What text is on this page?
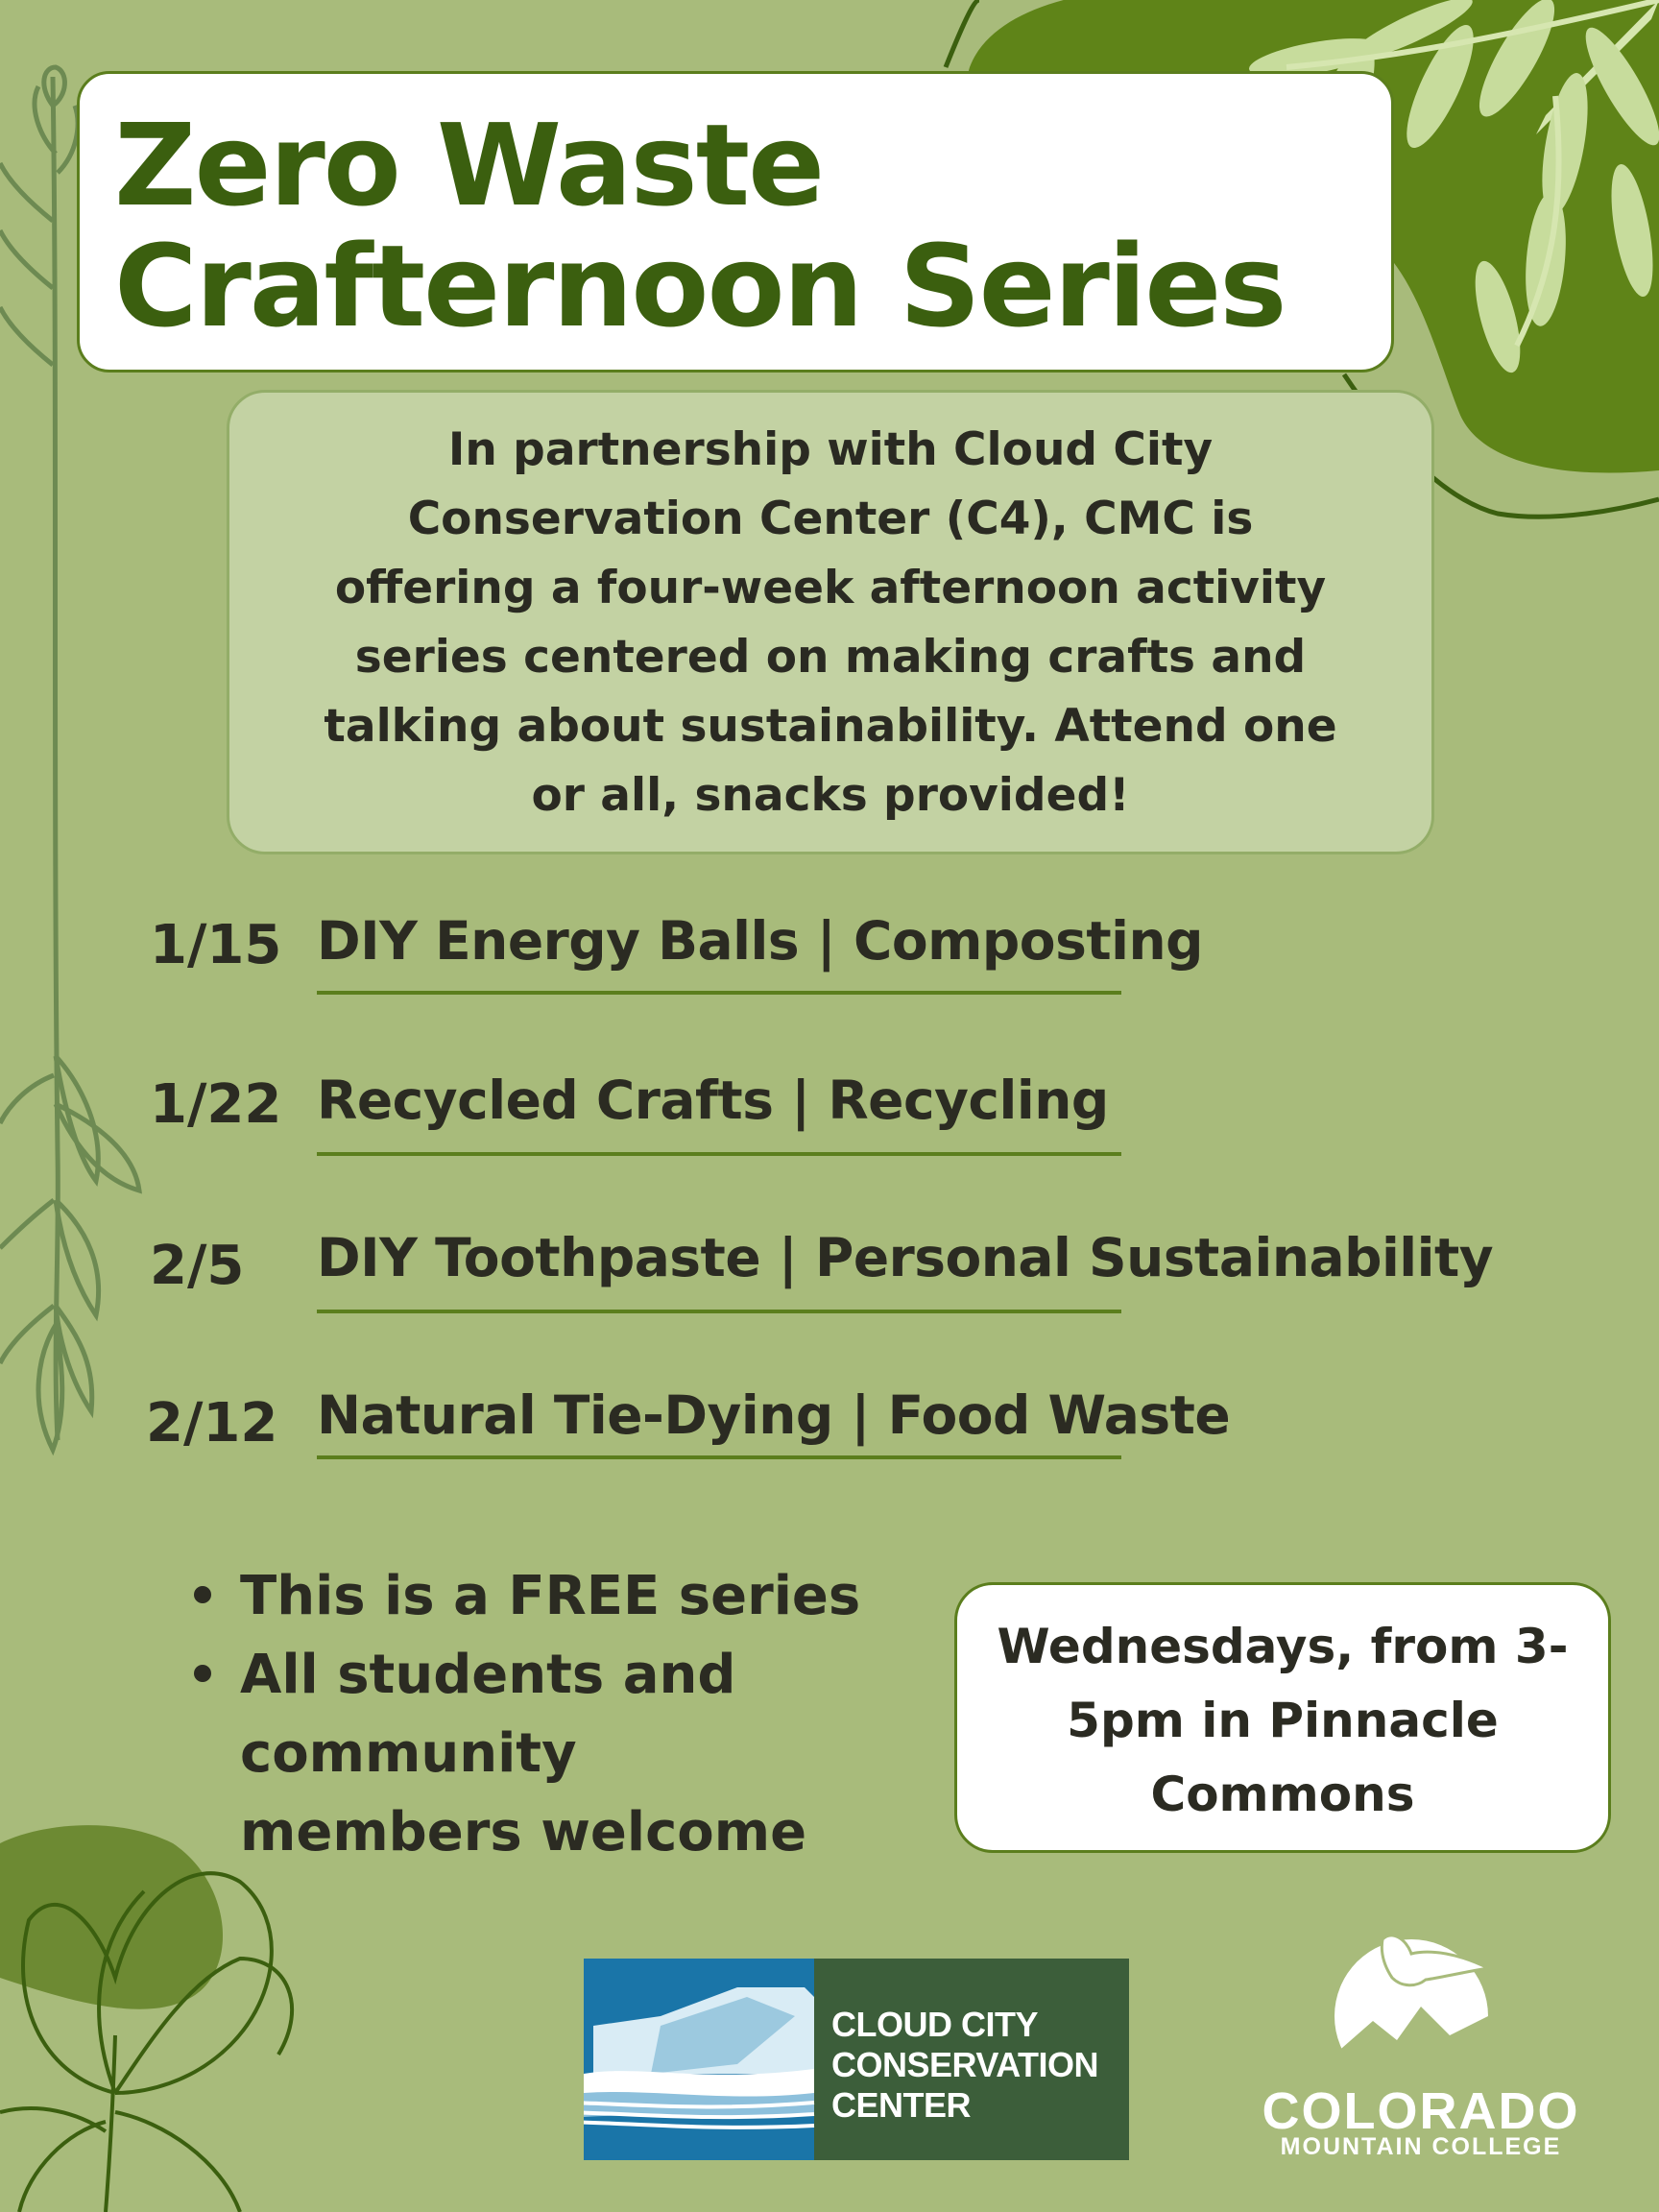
Zero Waste
Crafternoon Series
In partnership with Cloud City
Conservation Center (C4), CMC is
offering a four-week afternoon activity
series centered on making crafts and
talking about sustainability. Attend one
or all, snacks provided!
1/15 DIY Energy Balls | Composting
1/22 Recycled Crafts | Recycling
2/5 DIY Toothpaste | Personal Sustainability
2/12 Natural Tie-Dying | Food Waste
This is a FREE series
All students and community members welcome
Wednesdays, from 3-
5pm in Pinnacle
Commons
CLOUD CITY
CONSERVATION
CENTER	COLORADO
MOUNTAIN COLLEGE
